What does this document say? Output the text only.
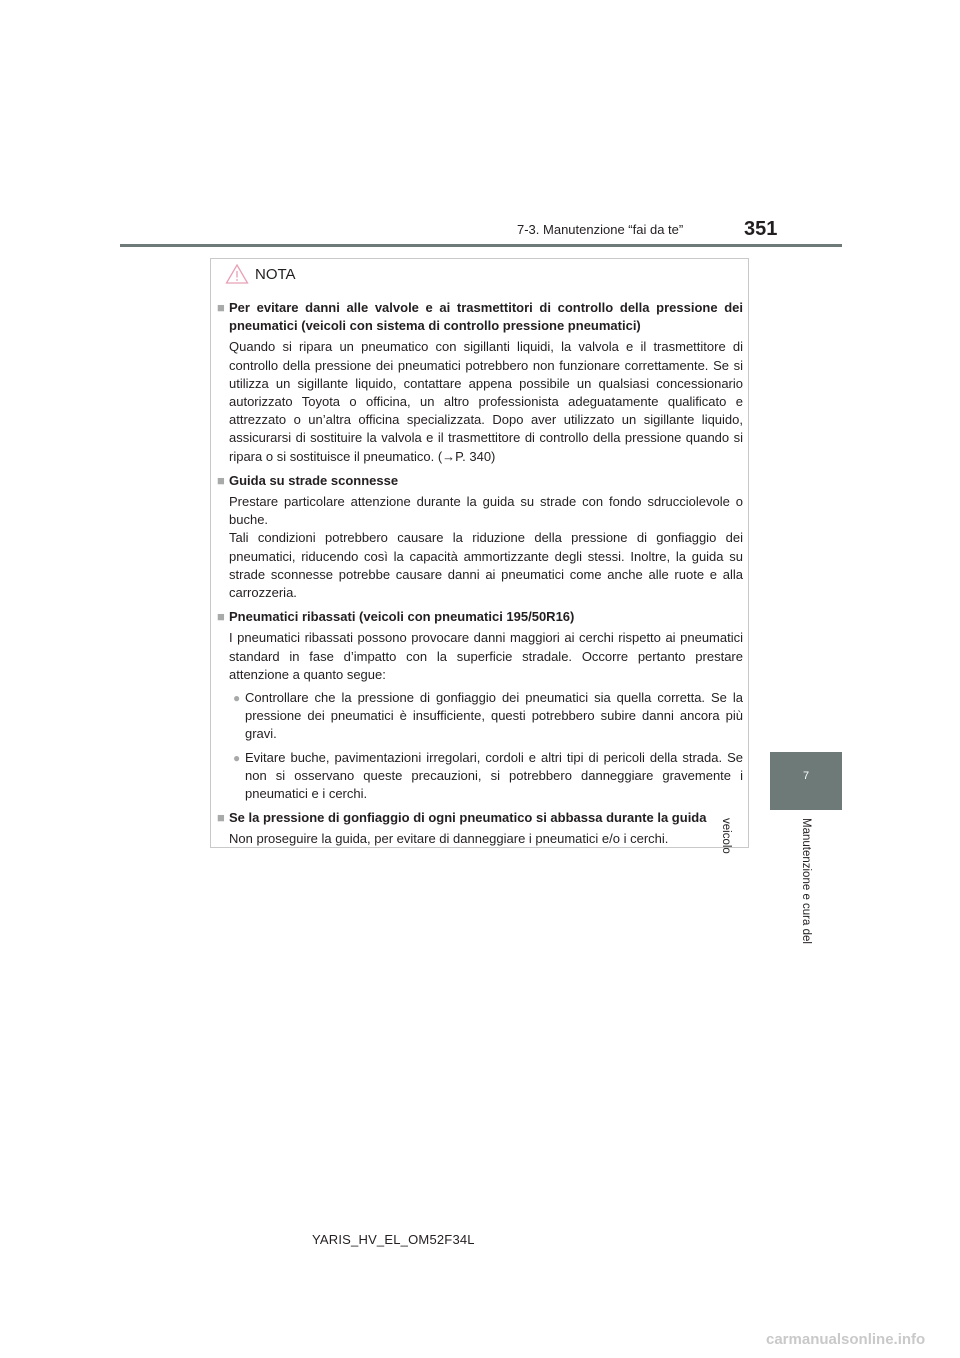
7-3. Manutenzione “fai da te”	351
7
Manutenzione e cura del veicolo
NOTA
■ Per evitare danni alle valvole e ai trasmettitori di controllo della pressione dei pneumatici (veicoli con sistema di controllo pressione pneumatici)
Quando si ripara un pneumatico con sigillanti liquidi, la valvola e il trasmettitore di controllo della pressione dei pneumatici potrebbero non funzionare correttamente. Se si utilizza un sigillante liquido, contattare appena possibile un qualsiasi concessionario autorizzato Toyota o officina, un altro professionista adeguatamente qualificato e attrezzato o un’altra officina specializzata. Dopo aver utilizzato un sigillante liquido, assicurarsi di sostituire la valvola e il trasmettitore di controllo della pressione quando si ripara o si sostituisce il pneumatico. (→P. 340)
■ Guida su strade sconnesse
Prestare particolare attenzione durante la guida su strade con fondo sdrucciolevole o buche.
Tali condizioni potrebbero causare la riduzione della pressione di gonfiaggio dei pneumatici, riducendo così la capacità ammortizzante degli stessi. Inoltre, la guida su strade sconnesse potrebbe causare danni ai pneumatici come anche alle ruote e alla carrozzeria.
■ Pneumatici ribassati (veicoli con pneumatici 195/50R16)
I pneumatici ribassati possono provocare danni maggiori ai cerchi rispetto ai pneumatici standard in fase d’impatto con la superficie stradale. Occorre pertanto prestare attenzione a quanto segue:
● Controllare che la pressione di gonfiaggio dei pneumatici sia quella corretta. Se la pressione dei pneumatici è insufficiente, questi potrebbero subire danni ancora più gravi.
● Evitare buche, pavimentazioni irregolari, cordoli e altri tipi di pericoli della strada. Se non si osservano queste precauzioni, si potrebbero danneggiare gravemente i pneumatici e i cerchi.
■ Se la pressione di gonfiaggio di ogni pneumatico si abbassa durante la guida
Non proseguire la guida, per evitare di danneggiare i pneumatici e/o i cerchi.
YARIS_HV_EL_OM52F34L
carmanualsonline.info
